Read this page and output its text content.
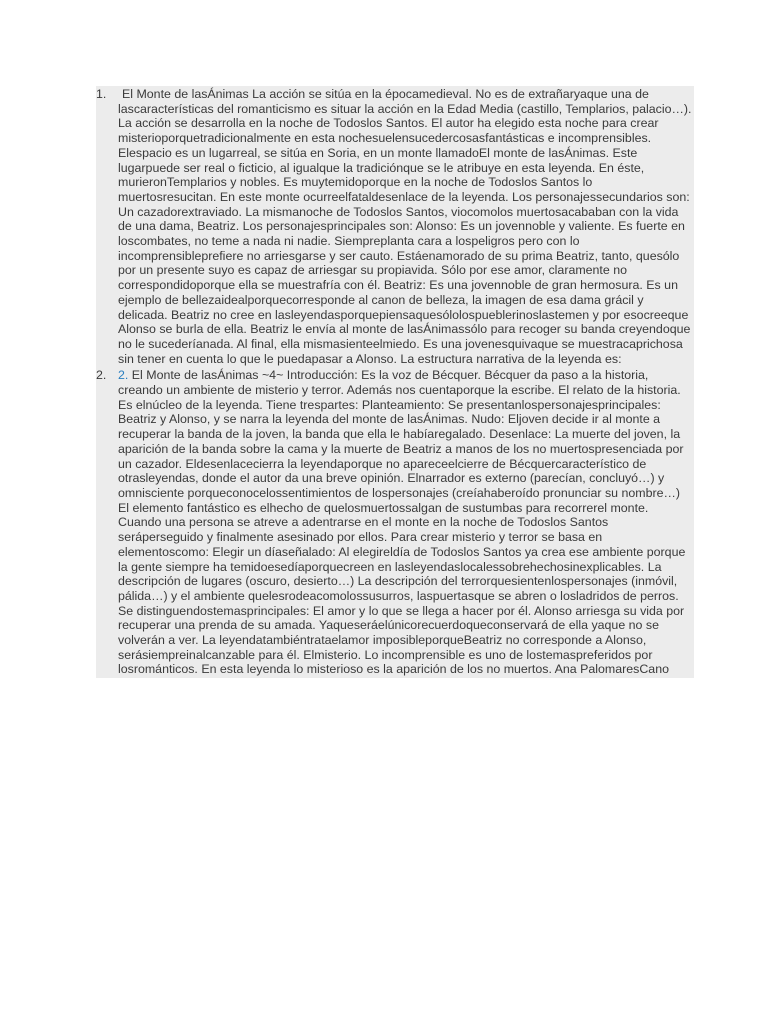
1.	El Monte de lasÁnimas La acción se sitúa en la épocamedieval. No es de extrañaryaque una de lascaracterísticas del romanticismo es situar la acción en la Edad Media (castillo, Templarios, palacio…). La acción se desarrolla en la noche de Todoslos Santos. El autor ha elegido esta noche para crear misterioporquetradicionalmente en esta nochesuelensucedercosasfantásticas e incomprensibles. Elespacio es un lugarreal, se sitúa en Soria, en un monte llamadoEl monte de lasÁnimas. Este lugarpuede ser real o ficticio, al igualque la tradiciónque se le atribuye en esta leyenda. En éste, murieronTemplarios y nobles. Es muytemidoporque en la noche de Todoslos Santos lo muertosresucitan. En este monte ocurreelfataldesenlace de la leyenda. Los personajessecundarios son: Un cazadorextraviado. La mismanoche de Todoslos Santos, viocomolos muertosacababan con la vida de una dama, Beatriz. Los personajesprincipales son: Alonso: Es un jovennoble y valiente. Es fuerte en loscombates, no teme a nada ni nadie. Siempreplanta cara a lospeligros pero con lo incomprensibleprefiere no arriesgarse y ser cauto. Estáenamorado de su prima Beatriz, tanto, quesólo por un presente suyo es capaz de arriesgar su propiavida. Sólo por ese amor, claramente no correspondidoporque ella se muestrafría con él. Beatriz: Es una jovennoble de gran hermosura. Es un ejemplo de bellezaidealporquecorresponde al canon de belleza, la imagen de esa dama grácil y delicada. Beatriz no cree en lasleyendasporquepiensaquesólolospueblerinoslastemen y por esocreeque Alonso se burla de ella. Beatriz le envía al monte de lasÁnimassólo para recoger su banda creyendoque no le sucederíanada. Al final, ella mismasienteelmiedo. Es una jovenesquivaque se muestracaprichosa sin tener en cuenta lo que le puedapasar a Alonso. La estructura narrativa de la leyenda es:
2. 2. El Monte de lasÁnimas ~4~ Introducción: Es la voz de Bécquer. Bécquer da paso a la historia, creando un ambiente de misterio y terror. Además nos cuentaporque la escribe. El relato de la historia. Es elnúcleo de la leyenda. Tiene trespartes: Planteamiento: Se presentanlospersonajesprincipales: Beatriz y Alonso, y se narra la leyenda del monte de lasÁnimas. Nudo: Eljoven decide ir al monte a recuperar la banda de la joven, la banda que ella le habíaregalado. Desenlace: La muerte del joven, la aparición de la banda sobre la cama y la muerte de Beatriz a manos de los no muertospresenciada por un cazador. Eldesenlacecierra la leyendaporque no apareceelcierre de Bécquercaracterístico de otrasleyendas, donde el autor da una breve opinión. Elnarrador es externo (parecían, concluyó…) y omnisciente porqueconocelossentimientos de lospersonajes (creíahaberoído pronunciar su nombre…) El elemento fantástico es elhecho de quelosmuertossalgan de sustumbas para recorrerel monte. Cuando una persona se atreve a adentrarse en el monte en la noche de Todoslos Santos seráperseguido y finalmente asesinado por ellos. Para crear misterio y terror se basa en elementoscomo: Elegir un díaseñalado: Al elegireldía de Todoslos Santos ya crea ese ambiente porque la gente siempre ha temidoesedíaporquecreen en lasleyendaslocalessobrehechosinexplicables. La descripción de lugares (oscuro, desierto…) La descripción del terrorquesientenlospersonajes (inmóvil, pálida…) y el ambiente quelesrodeacomolossusurros, laspuertasque se abren o losladridos de perros. Se distinguendostemasprincipales: El amor y lo que se llega a hacer por él. Alonso arriesga su vida por recuperar una prenda de su amada. Yaqueseráelúnicorecuerdoqueconservará de ella yaque no se volverán a ver. La leyendatambiéntrataelamor imposibleporqueBeatriz no corresponde a Alonso, serásiempreinalcanzable para él. Elmisterio. Lo incomprensible es uno de lostemaspreferidos por losrománticos. En esta leyenda lo misterioso es la aparición de los no muertos. Ana PalomaresCano
